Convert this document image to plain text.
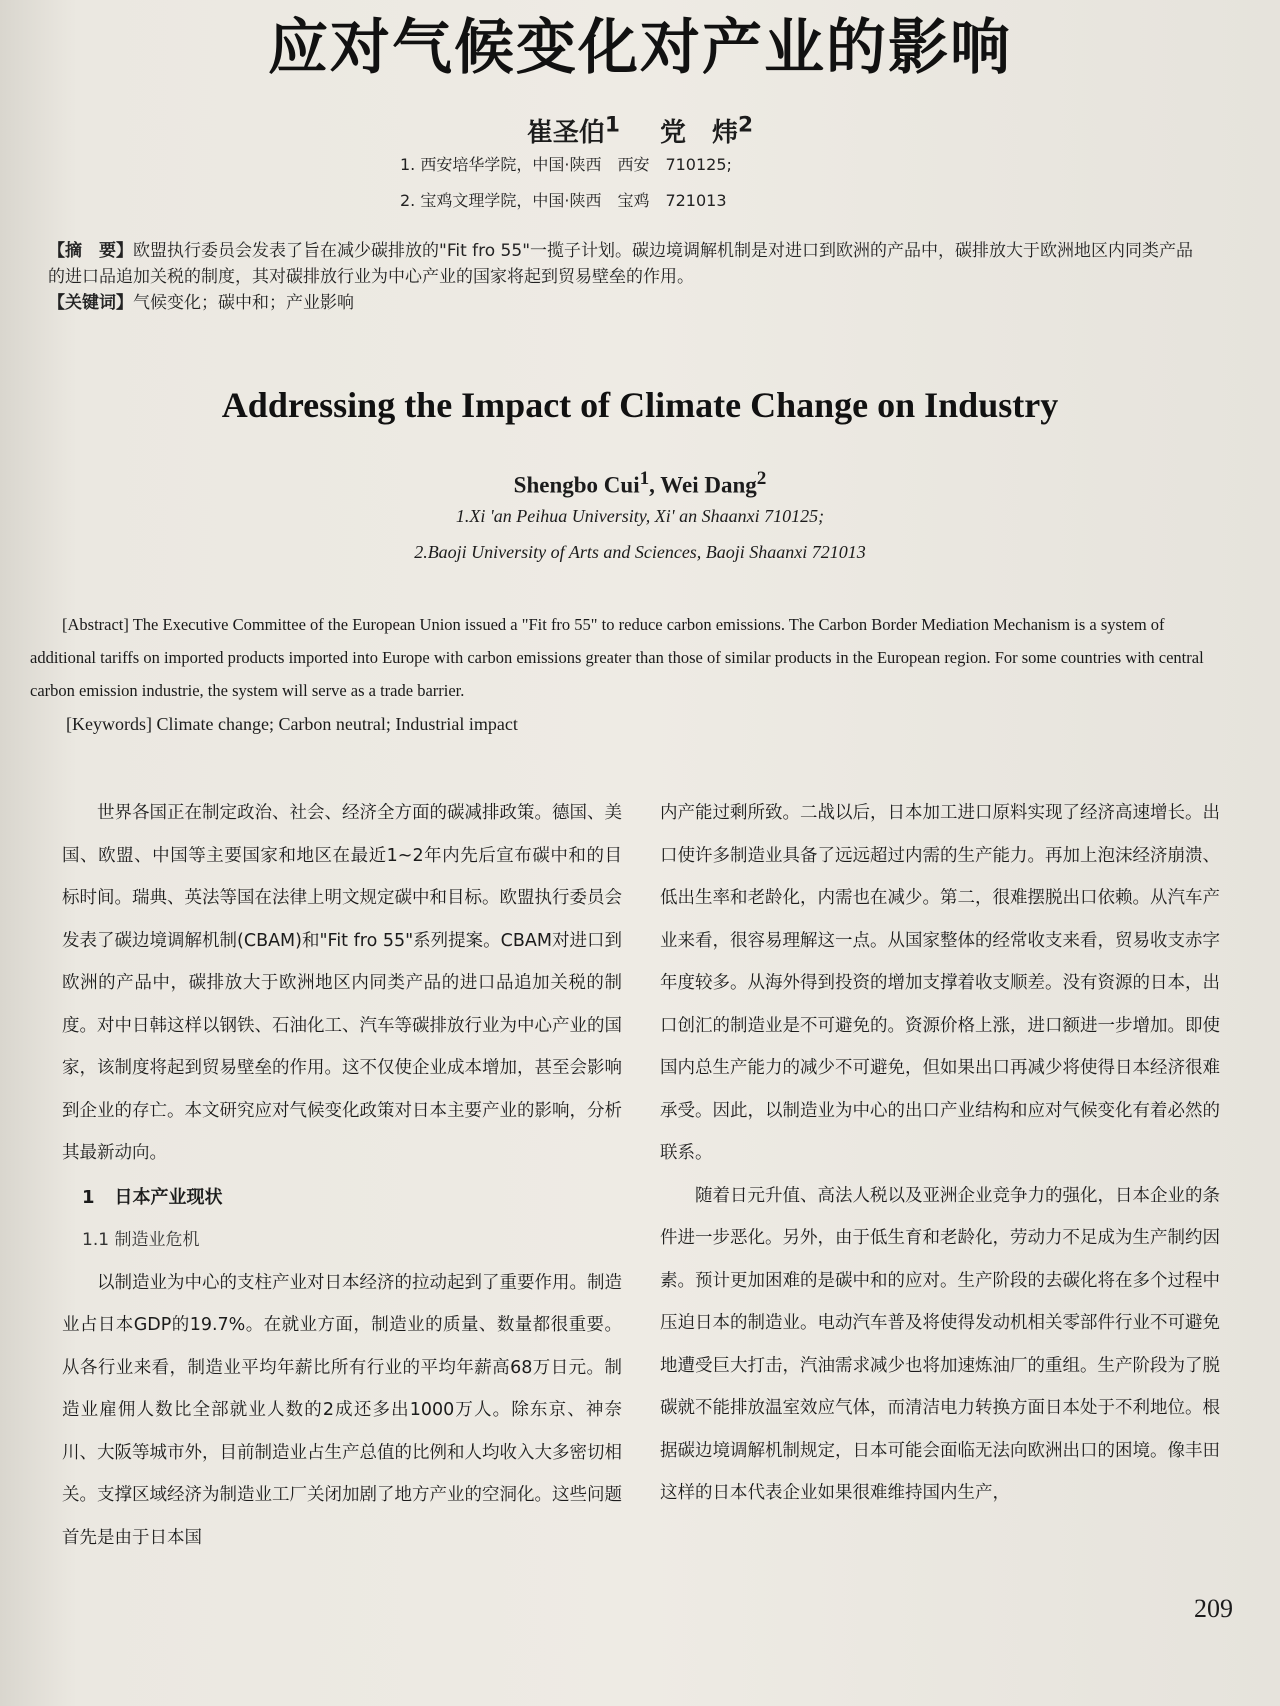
应对气候变化对产业的影响
崔圣伯$^1$ 党　炜$^2$
1. 西安培华学院，中国·陕西　西安　710125;
2. 宝鸡文理学院，中国·陕西　宝鸡　721013

【摘　要】欧盟执行委员会发表了旨在减少碳排放的"Fit fro 55"一揽子计划。碳边境调解机制是对进口到欧洲的产品中，碳排放大于欧洲地区内同类产品的进口品追加关税的制度，其对碳排放行业为中心产业的国家将起到贸易壁垒的作用。

【关键词】气候变化；碳中和；产业影响

Addressing the Impact of Climate Change on Industry
Shengbo Cui$^1$, Wei Dang$^2$
1.Xi 'an Peihua University, Xi' an Shaanxi 710125;
2.Baoji University of Arts and Sciences, Baoji Shaanxi 721013

[Abstract] The Executive Committee of the European Union issued a "Fit fro 55" to reduce carbon emissions. The Carbon Border Mediation Mechanism is a system of additional tariffs on imported products imported into Europe with carbon emissions greater than those of similar products in the European region. For some countries with central carbon emission industrie, the system will serve as a trade barrier.

[Keywords] Climate change; Carbon neutral; Industrial impact

世界各国正在制定政治、社会、经济全方面的碳减排政策。德国、美国、欧盟、中国等主要国家和地区在最近1~2年内先后宣布碳中和的目标时间。瑞典、英法等国在法律上明文规定碳中和目标。欧盟执行委员会发表了碳边境调解机制(CBAM)和"Fit fro 55"系列提案。CBAM对进口到欧洲的产品中，碳排放大于欧洲地区内同类产品的进口品追加关税的制度。对中日韩这样以钢铁、石油化工、汽车等碳排放行业为中心产业的国家，该制度将起到贸易壁垒的作用。这不仅使企业成本增加，甚至会影响到企业的存亡。本文研究应对气候变化政策对日本主要产业的影响，分析其最新动向。

1 日本产业现状
1.1 制造业危机

以制造业为中心的支柱产业对日本经济的拉动起到了重要作用。制造业占日本GDP的19.7%。在就业方面，制造业的质量、数量都很重要。从各行业来看，制造业平均年薪比所有行业的平均年薪高68万日元。制造业雇佣人数比全部就业人数的2成还多出1000万人。除东京、神奈川、大阪等城市外，目前制造业占生产总值的比例和人均收入大多密切相关。支撑区域经济为制造业工厂关闭加剧了地方产业的空洞化。这些问题首先是由于日本国

内产能过剩所致。二战以后，日本加工进口原料实现了经济高速增长。出口使许多制造业具备了远远超过内需的生产能力。再加上泡沫经济崩溃、低出生率和老龄化，内需也在减少。第二，很难摆脱出口依赖。从汽车产业来看，很容易理解这一点。从国家整体的经常收支来看，贸易收支赤字年度较多。从海外得到投资的增加支撑着收支顺差。没有资源的日本，出口创汇的制造业是不可避免的。资源价格上涨，进口额进一步增加。即使国内总生产能力的减少不可避免，但如果出口再减少将使得日本经济很难承受。因此，以制造业为中心的出口产业结构和应对气候变化有着必然的联系。

随着日元升值、高法人税以及亚洲企业竞争力的强化，日本企业的条件进一步恶化。另外，由于低生育和老龄化，劳动力不足成为生产制约因素。预计更加困难的是碳中和的应对。生产阶段的去碳化将在多个过程中压迫日本的制造业。电动汽车普及将使得发动机相关零部件行业不可避免地遭受巨大打击，汽油需求减少也将加速炼油厂的重组。生产阶段为了脱碳就不能排放温室效应气体，而清洁电力转换方面日本处于不利地位。根据碳边境调解机制规定，日本可能会面临无法向欧洲出口的困境。像丰田这样的日本代表企业如果很难维持国内生产，

209
